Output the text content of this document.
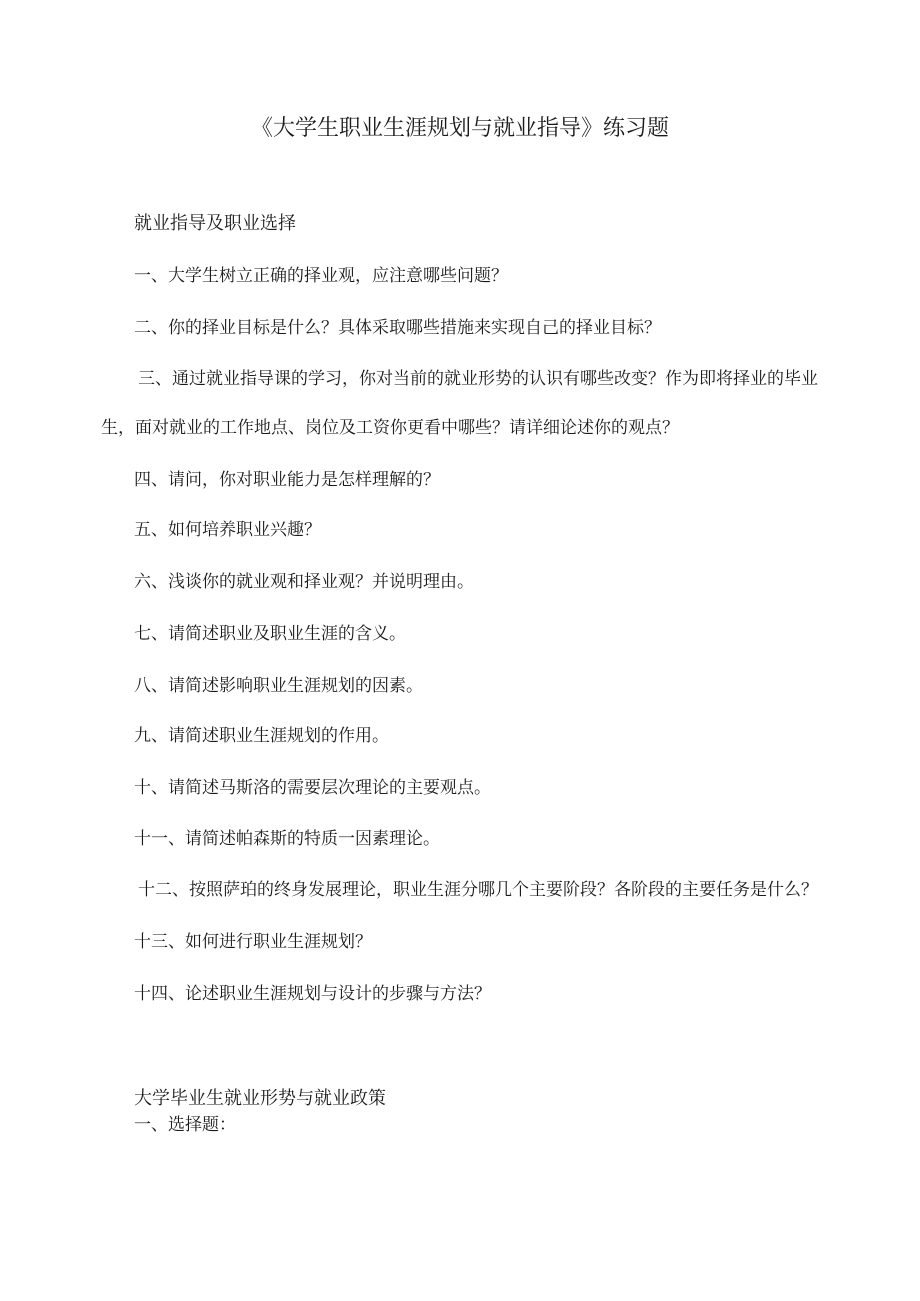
《大学生职业生涯规划与就业指导》练习题
就业指导及职业选择
一、大学生树立正确的择业观，应注意哪些问题？
二、你的择业目标是什么？具体采取哪些措施来实现自己的择业目标？
三、通过就业指导课的学习，你对当前的就业形势的认识有哪些改变？作为即将择业的毕业
生，面对就业的工作地点、岗位及工资你更看中哪些？请详细论述你的观点？
四、请问，你对职业能力是怎样理解的？
五、如何培养职业兴趣？
六、浅谈你的就业观和择业观？并说明理由。
七、请简述职业及职业生涯的含义。
八、请简述影响职业生涯规划的因素。
九、请简述职业生涯规划的作用。
十、请简述马斯洛的需要层次理论的主要观点。
十一、请简述帕森斯的特质一因素理论。
十二、按照萨珀的终身发展理论，职业生涯分哪几个主要阶段？各阶段的主要任务是什么？
十三、如何进行职业生涯规划？
十四、论述职业生涯规划与设计的步骤与方法？
大学毕业生就业形势与就业政策
一、选择题：
